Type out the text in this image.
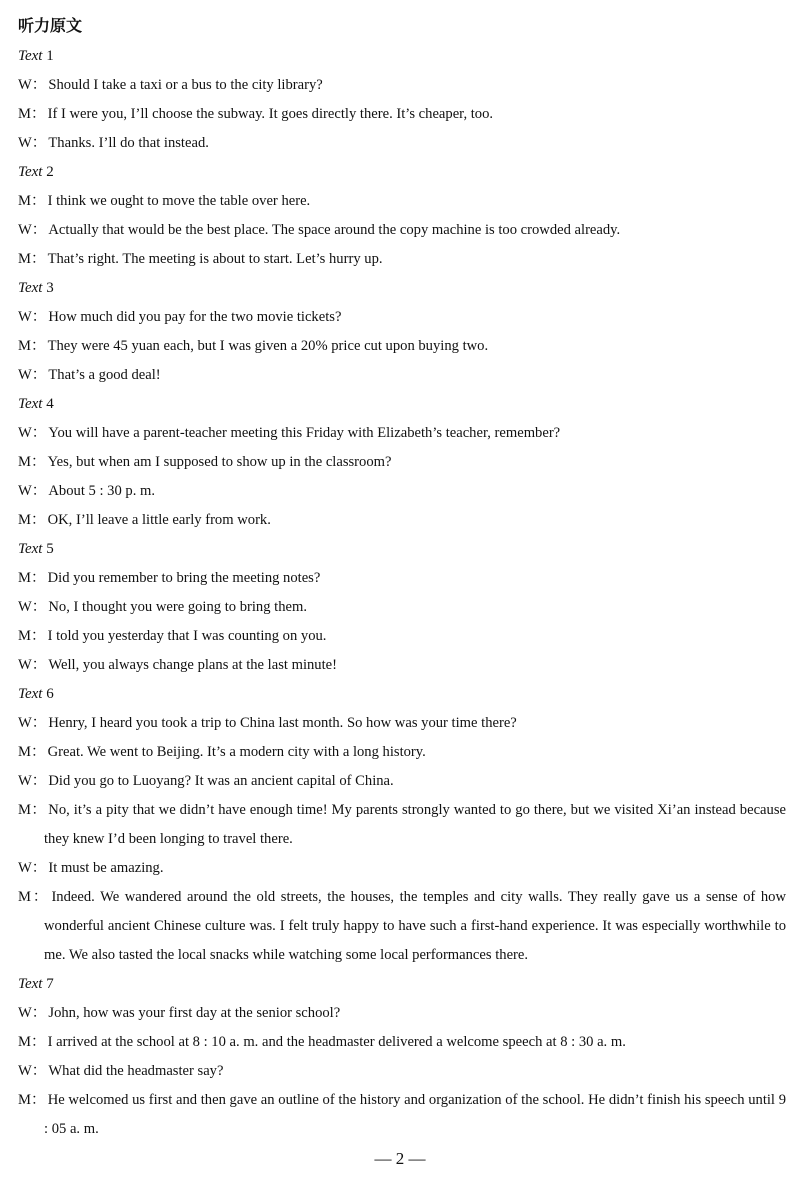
听力原文
Text 1
W： Should I take a taxi or a bus to the city library?
M： If I were you, I’ll choose the subway. It goes directly there. It’s cheaper, too.
W： Thanks. I’ll do that instead.
Text 2
M： I think we ought to move the table over here.
W： Actually that would be the best place. The space around the copy machine is too crowded already.
M： That’s right. The meeting is about to start. Let’s hurry up.
Text 3
W： How much did you pay for the two movie tickets?
M： They were 45 yuan each, but I was given a 20% price cut upon buying two.
W： That’s a good deal!
Text 4
W： You will have a parent-teacher meeting this Friday with Elizabeth’s teacher, remember?
M： Yes, but when am I supposed to show up in the classroom?
W： About 5 : 30 p. m.
M： OK, I’ll leave a little early from work.
Text 5
M： Did you remember to bring the meeting notes?
W： No, I thought you were going to bring them.
M： I told you yesterday that I was counting on you.
W： Well, you always change plans at the last minute!
Text 6
W： Henry, I heard you took a trip to China last month. So how was your time there?
M： Great. We went to Beijing. It’s a modern city with a long history.
W： Did you go to Luoyang? It was an ancient capital of China.
M： No, it’s a pity that we didn’t have enough time! My parents strongly wanted to go there, but we visited Xi’an instead because they knew I’d been longing to travel there.
W： It must be amazing.
M： Indeed. We wandered around the old streets, the houses, the temples and city walls. They really gave us a sense of how wonderful ancient Chinese culture was. I felt truly happy to have such a first-hand experience. It was especially worthwhile to me. We also tasted the local snacks while watching some local performances there.
Text 7
W： John, how was your first day at the senior school?
M： I arrived at the school at 8 : 10 a. m. and the headmaster delivered a welcome speech at 8 : 30 a. m.
W： What did the headmaster say?
M： He welcomed us first and then gave an outline of the history and organization of the school. He didn’t finish his speech until 9 : 05 a. m.
— 2 —
